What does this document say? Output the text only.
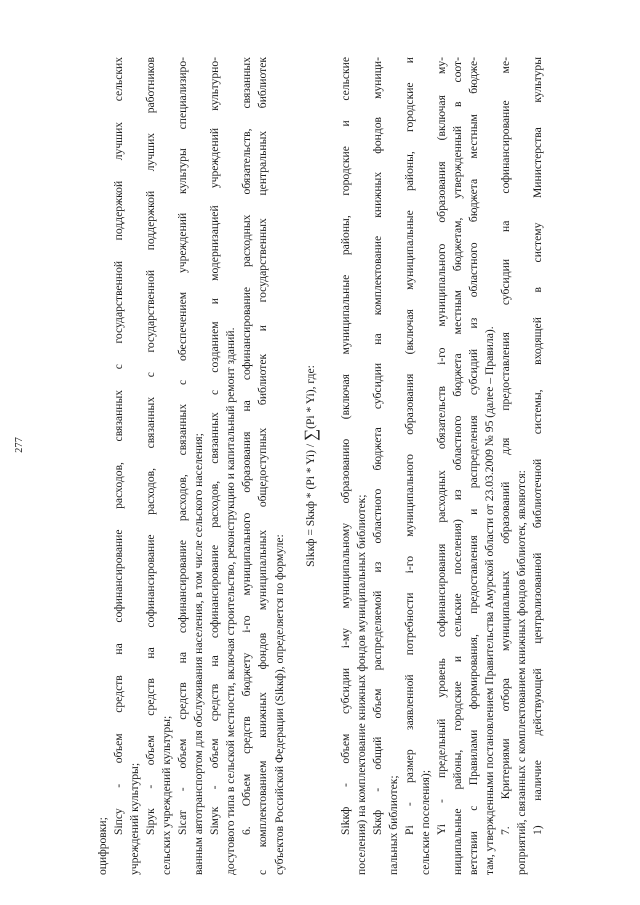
277
оцифровки;
Siпсу - объем средств на софинансирование расходов, связанных с государственной поддержкой лучших сельских учреждений культуры; Siрук - объем средств на софинансирование расходов, связанных с государственной поддержкой лучших работников сельских учреждений культуры; Siсат - объем средств на софинансирование расходов, связанных с обеспечением учреждений культуры специализиро- ванным автотранспортом для обслуживания населения, в том числе сельского населения; Siмук - объем средств на софинансирование расходов, связанных с созданием и модернизацией учреждений культурно- досугового типа в сельской местности, включая строительство, реконструкцию и капитальный ремонт зданий. 6. Объем средств бюджету i-го муниципального образования на софинансирование расходных обязательств, связанных с комплектованием книжных фондов муниципальных общедоступных библиотек и государственных центральных библиотек субъектов Российской Федерации (Sikкф), определяется по формуле:
Sikкф = Skкф * (Pi * Yi) / ∑(Pi * Yi), где:	Sikкф - объем субсидии i-му муниципальному образованию (включая муниципальные районы, городские и сельские поселения) на комплектование книжных фондов муниципальных библиотек; Skкф - общий объем распределяемой из областного бюджета субсидии на комплектование книжных фондов муници- пальных библиотек; Pi - размер заявленной потребности i-го муниципального образования (включая муниципальные районы, городские и сельские поселения); Yi - предельный уровень софинансирования расходных обязательств i-го муниципального образования (включая му- ниципальные районы, городские и сельские поселения) из областного бюджета местным бюджетам, утвержденный в соот- ветствии с Правилами формирования, предоставления и распределения субсидий из областного бюджета местным бюдже- там, утвержденными постановлением Правительства Амурской области от 23.03.2009 № 95 (далее – Правила). 7. Критериями отбора муниципальных образований для предоставления субсидии на софинансирование ме- роприятий, связанных с комплектованием книжных фондов библиотек, являются: 1) наличие действующей централизованной библиотечной системы, входящей в систему Министерства культуры
